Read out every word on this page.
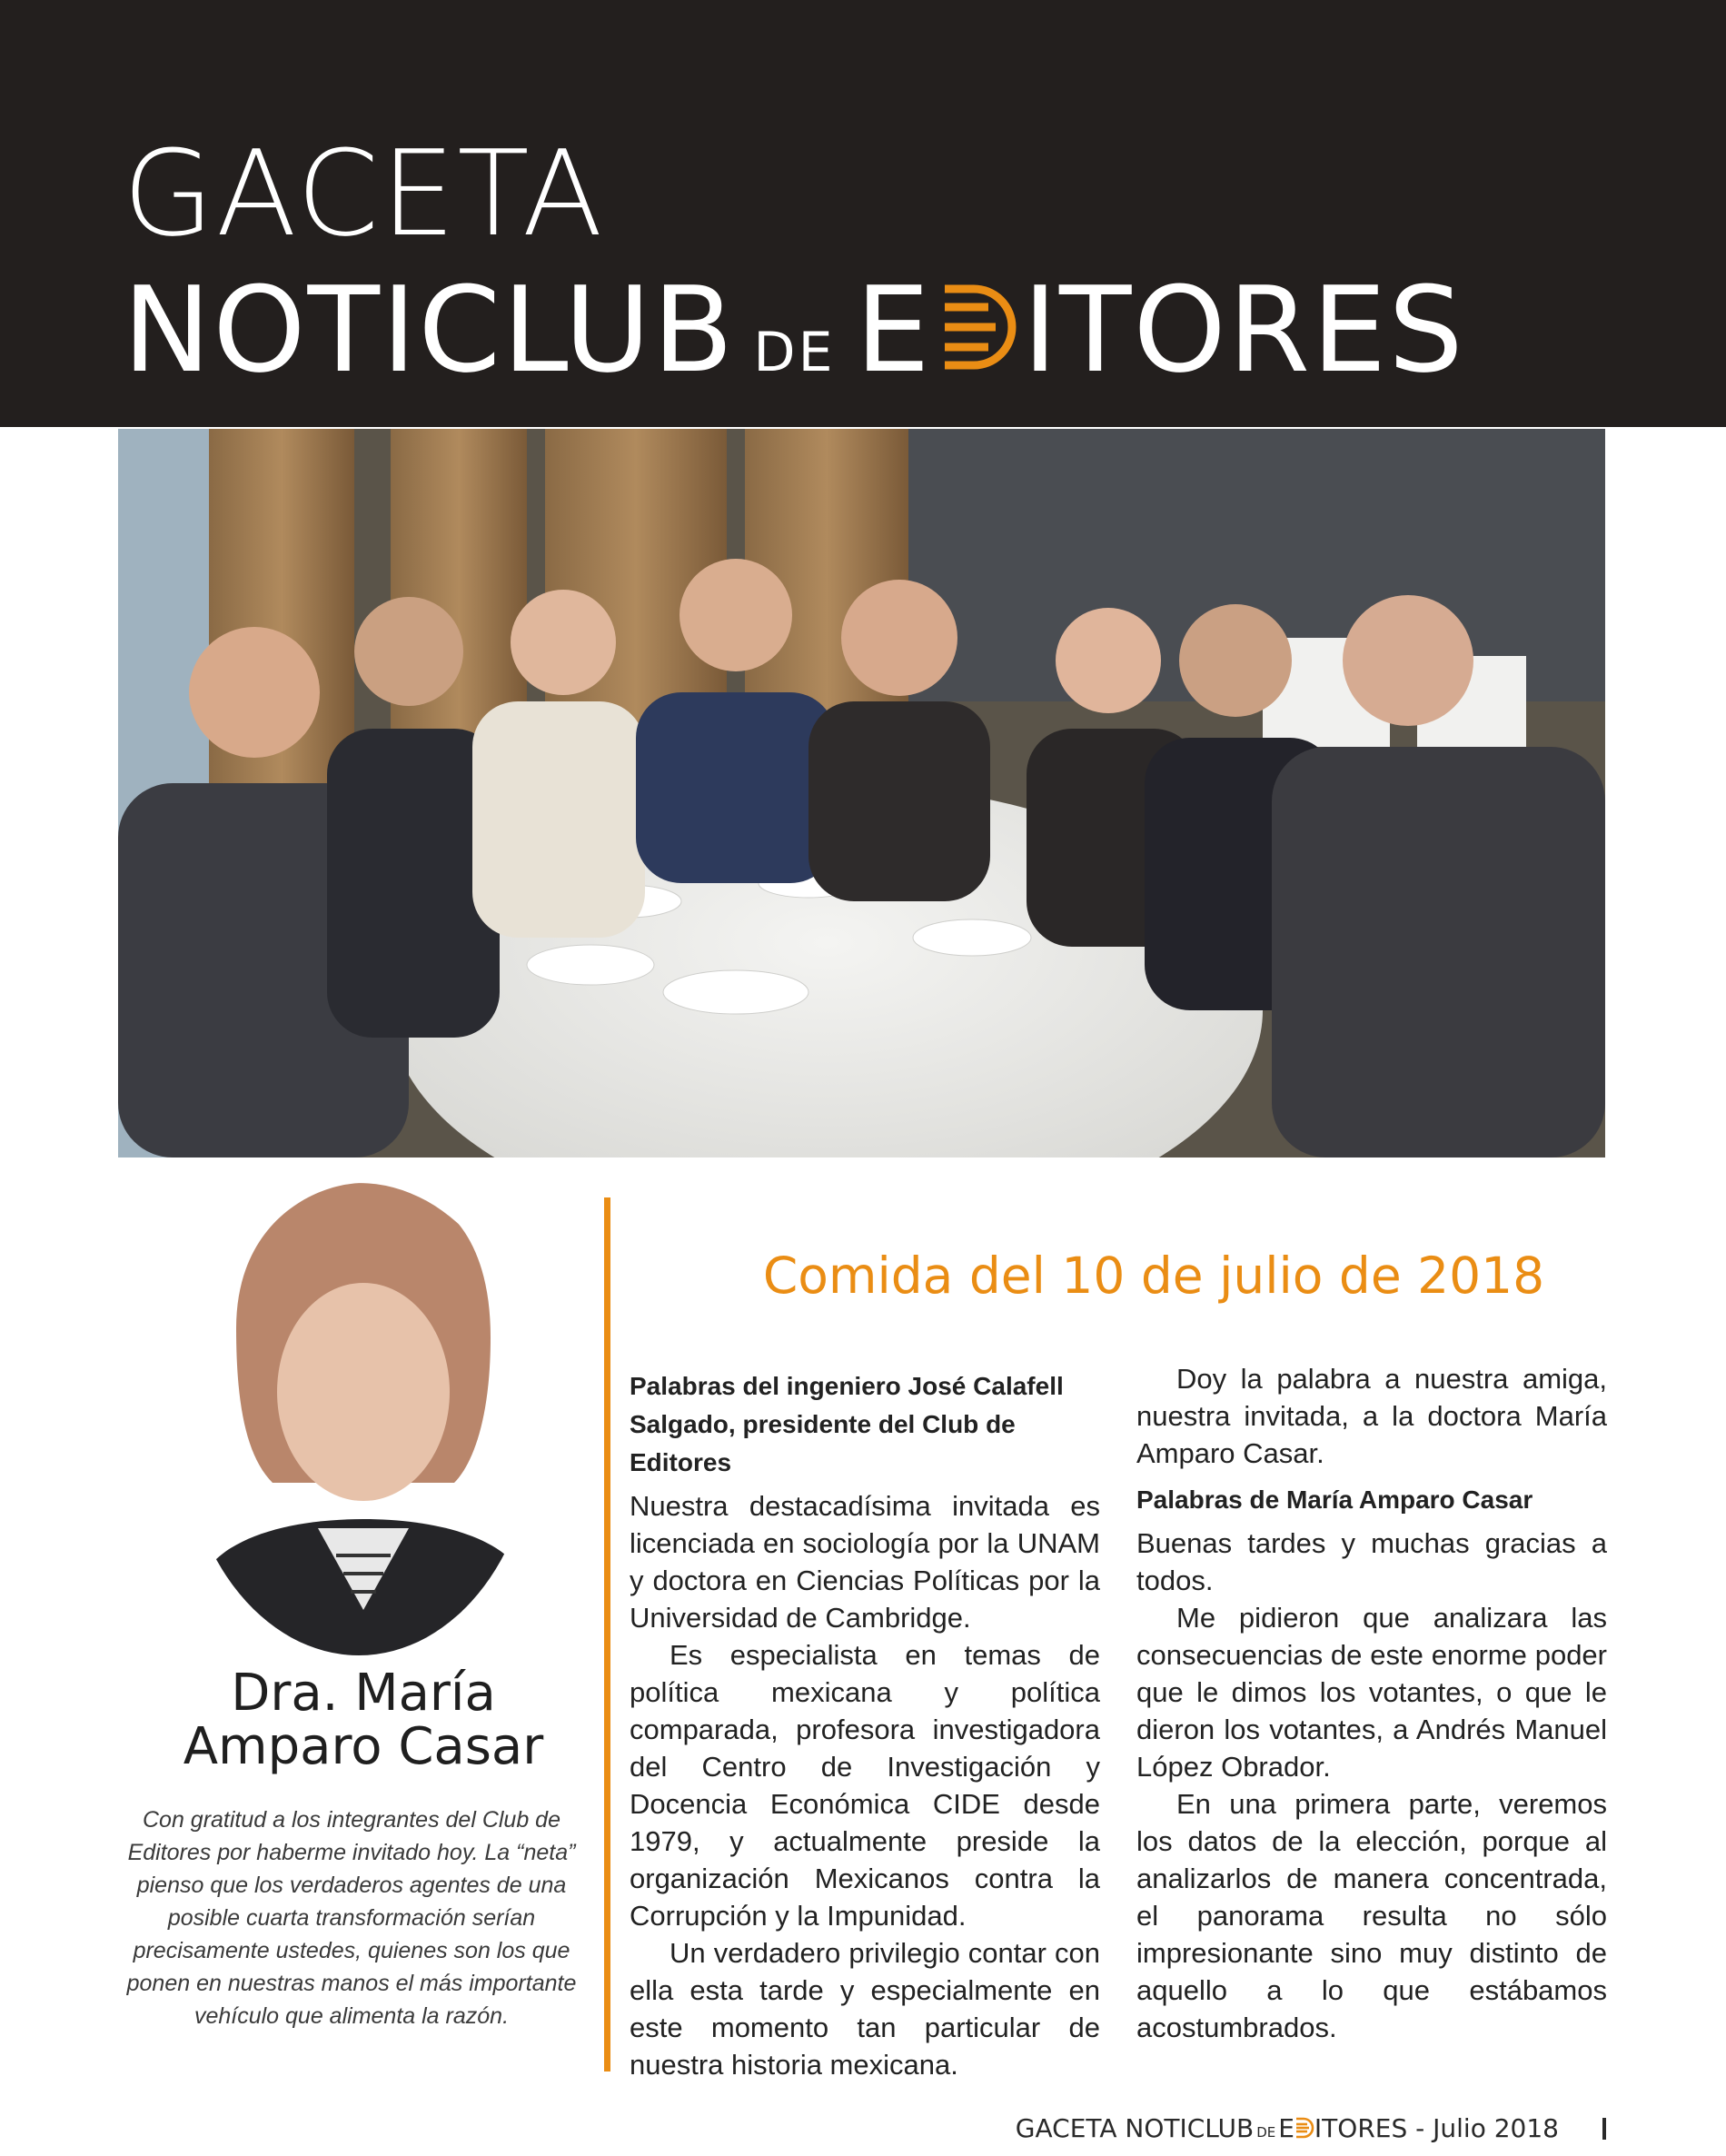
GACETA
NOTICLUB DE E ITORES
Dra. María
Amparo Casar
Con gratitud a los integrantes del Club de Editores por haberme invitado hoy. La “neta” pienso que los verdaderos agentes de una posible cuarta transformación serían precisamente ustedes, quienes son los que ponen en nuestras manos el más importante vehículo que alimenta la razón.
Comida del 10 de julio de 2018

Palabras del ingeniero José Calafell Salgado, presidente del Club de Editores

Nuestra destacadísima invitada es licenciada en sociología por la UNAM y doctora en Ciencias Políticas por la Universidad de Cambridge.

Es especialista en temas de política mexicana y política comparada, profesora investigadora del Centro de Investigación y Docencia Económica CIDE desde 1979, y actualmente preside la organización Mexicanos contra la Corrupción y la Impunidad.

Un verdadero privilegio contar con ella esta tarde y especialmente en este momento tan particular de nuestra historia mexicana.

Doy la palabra a nuestra amiga, nuestra invitada, a la doctora María Amparo Casar.

Palabras de María Amparo Casar

Buenas tardes y muchas gracias a todos.

Me pidieron que analizara las consecuencias de este enorme poder que le dimos los votantes, o que le dieron los votantes, a Andrés Manuel López Obrador.

En una primera parte, veremos los datos de la elección, porque al analizarlos de manera concentrada, el panorama resulta no sólo impresionante sino muy distinto de aquello a lo que estábamos acostumbrados.

GACETA NOTICLUB DE E ITORES - Julio 2018
